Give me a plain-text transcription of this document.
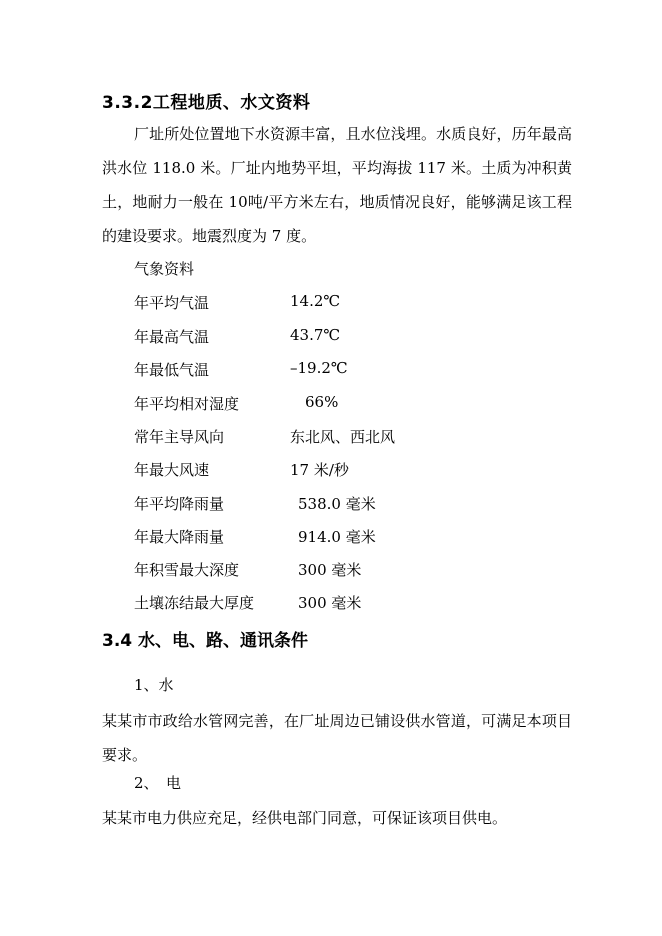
3.3.2工程地质、水文资料

厂址所处位置地下水资源丰富，且水位浅埋。水质良好，历年最高洪水位 118.0 米。厂址内地势平坦，平均海拔 117 米。土质为冲积黄土，地耐力一般在 10吨/平方米左右，地质情况良好，能够满足该工程的建设要求。地震烈度为 7 度。

气象资料
年平均气温	14.2℃
年最高气温	43.7℃
年最低气温	–19.2℃
年平均相对湿度	66%
常年主导风向	东北风、西北风
年最大风速	17 米/秒
年平均降雨量	538.0 毫米
年最大降雨量	914.0 毫米
年积雪最大深度	300 毫米
土壤冻结最大厚度	300 毫米
3.4 水、电、路、通讯条件
1、水

某某市市政给水管网完善，在厂址周边已铺设供水管道，可满足本项目要求。

2、　电

某某市电力供应充足，经供电部门同意，可保证该项目供电。
